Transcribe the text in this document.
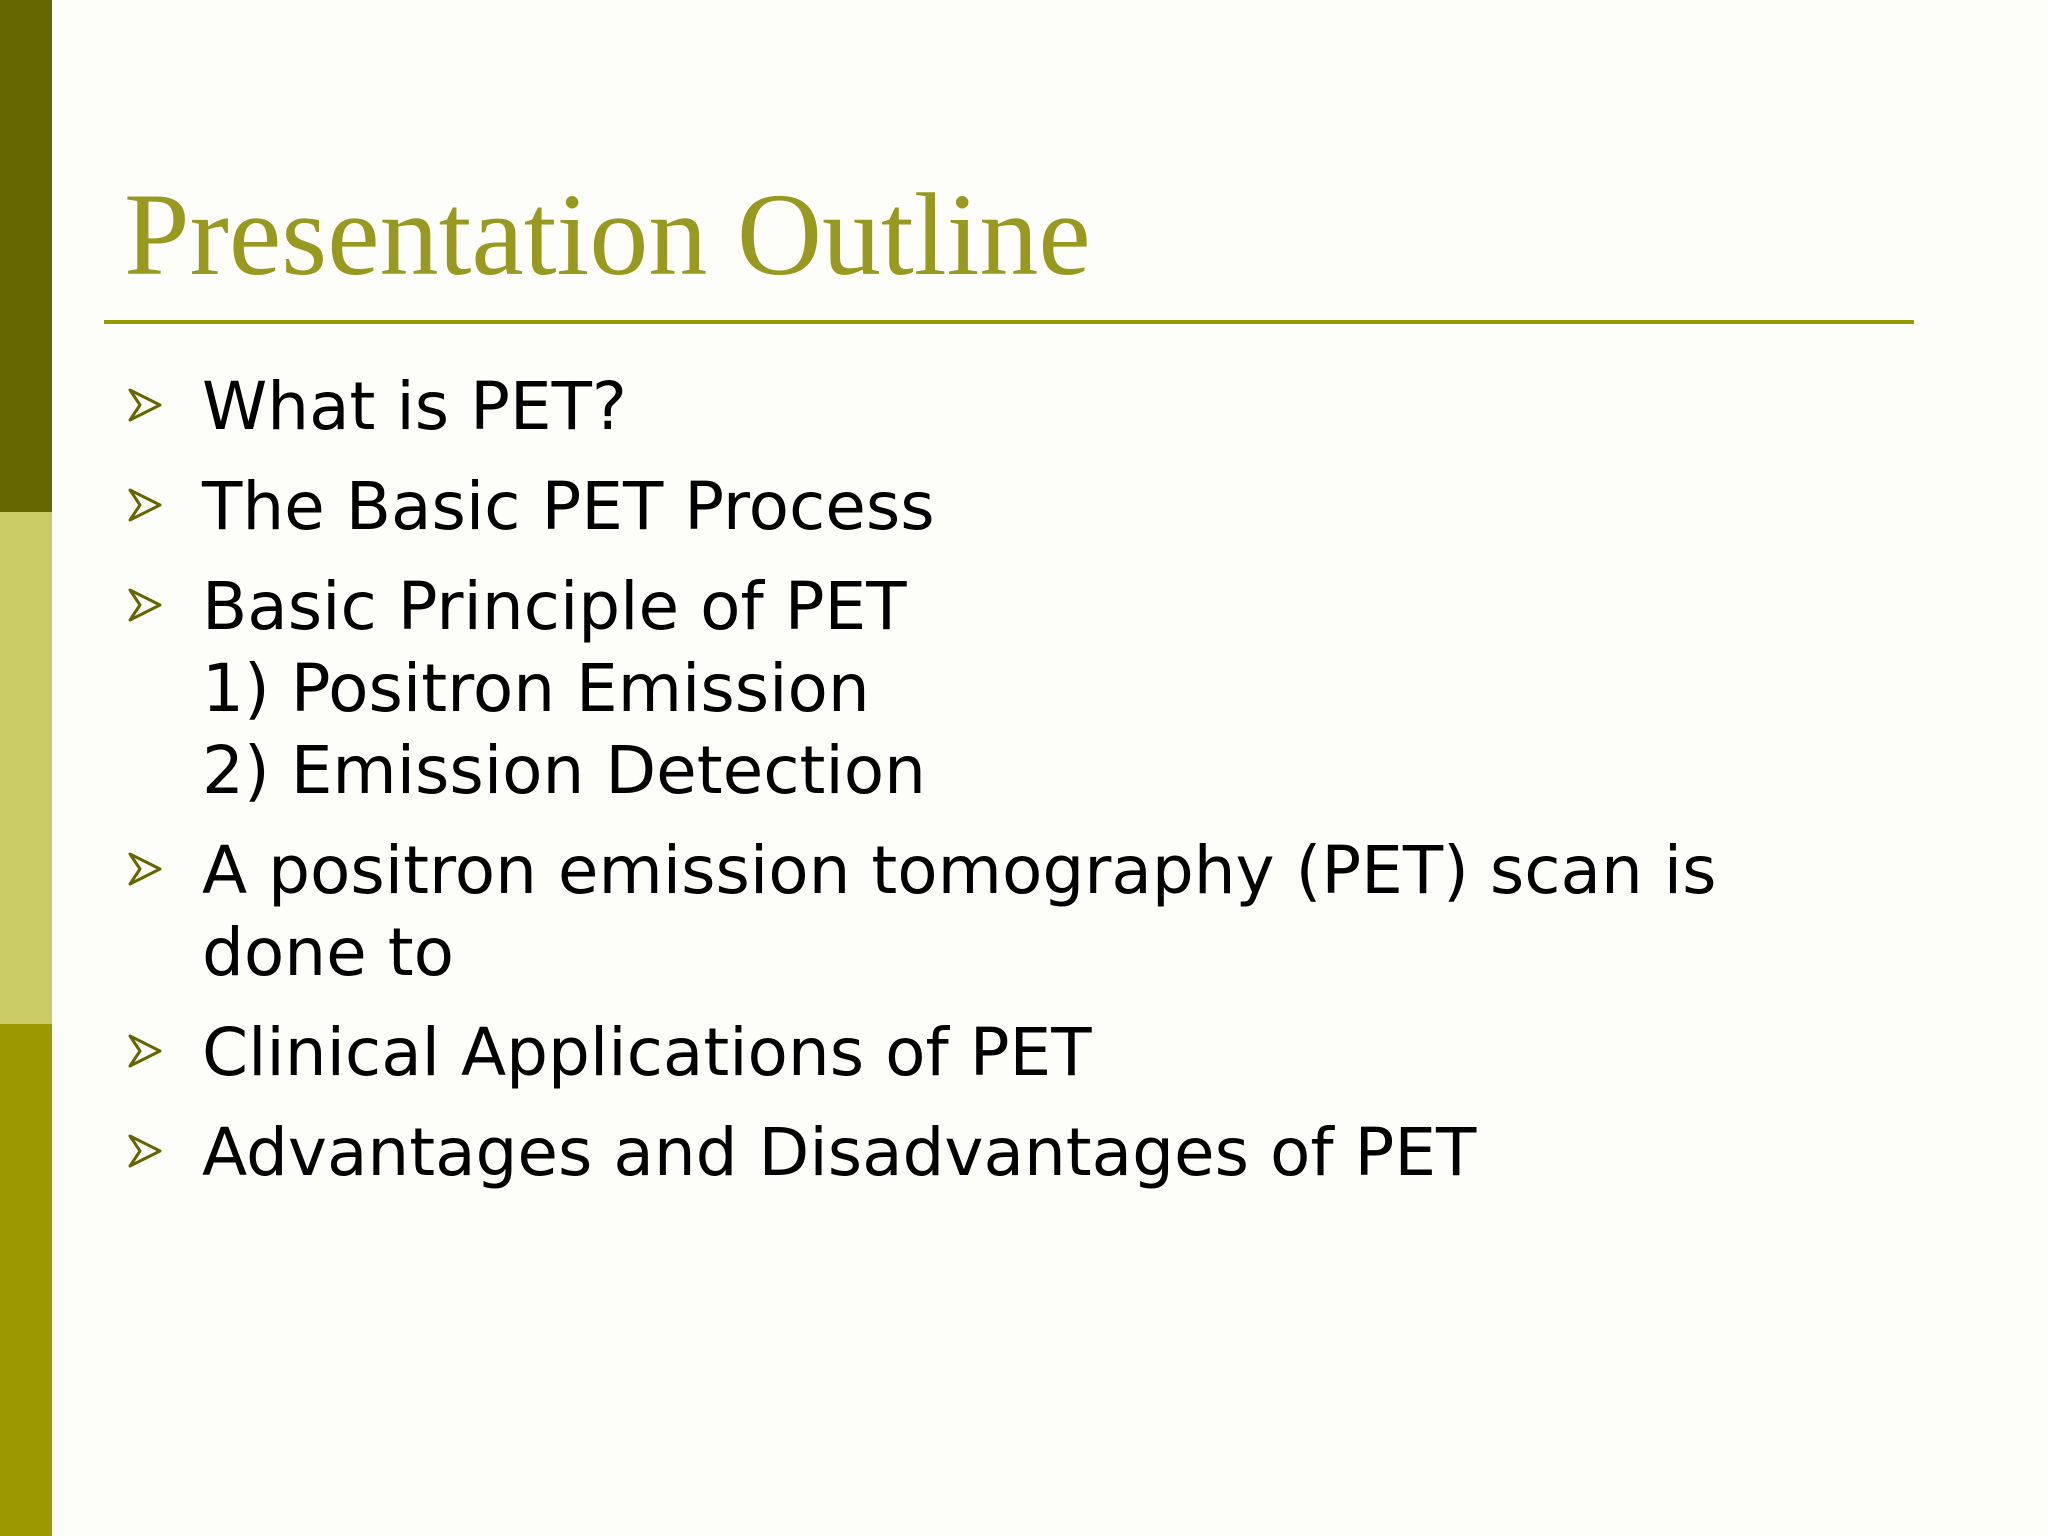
Presentation Outline
What is PET?
The Basic PET Process
Basic Principle of PET
1) Positron Emission
2) Emission Detection
A positron emission tomography (PET) scan is
done to
Clinical Applications of PET
Advantages and Disadvantages of PET
